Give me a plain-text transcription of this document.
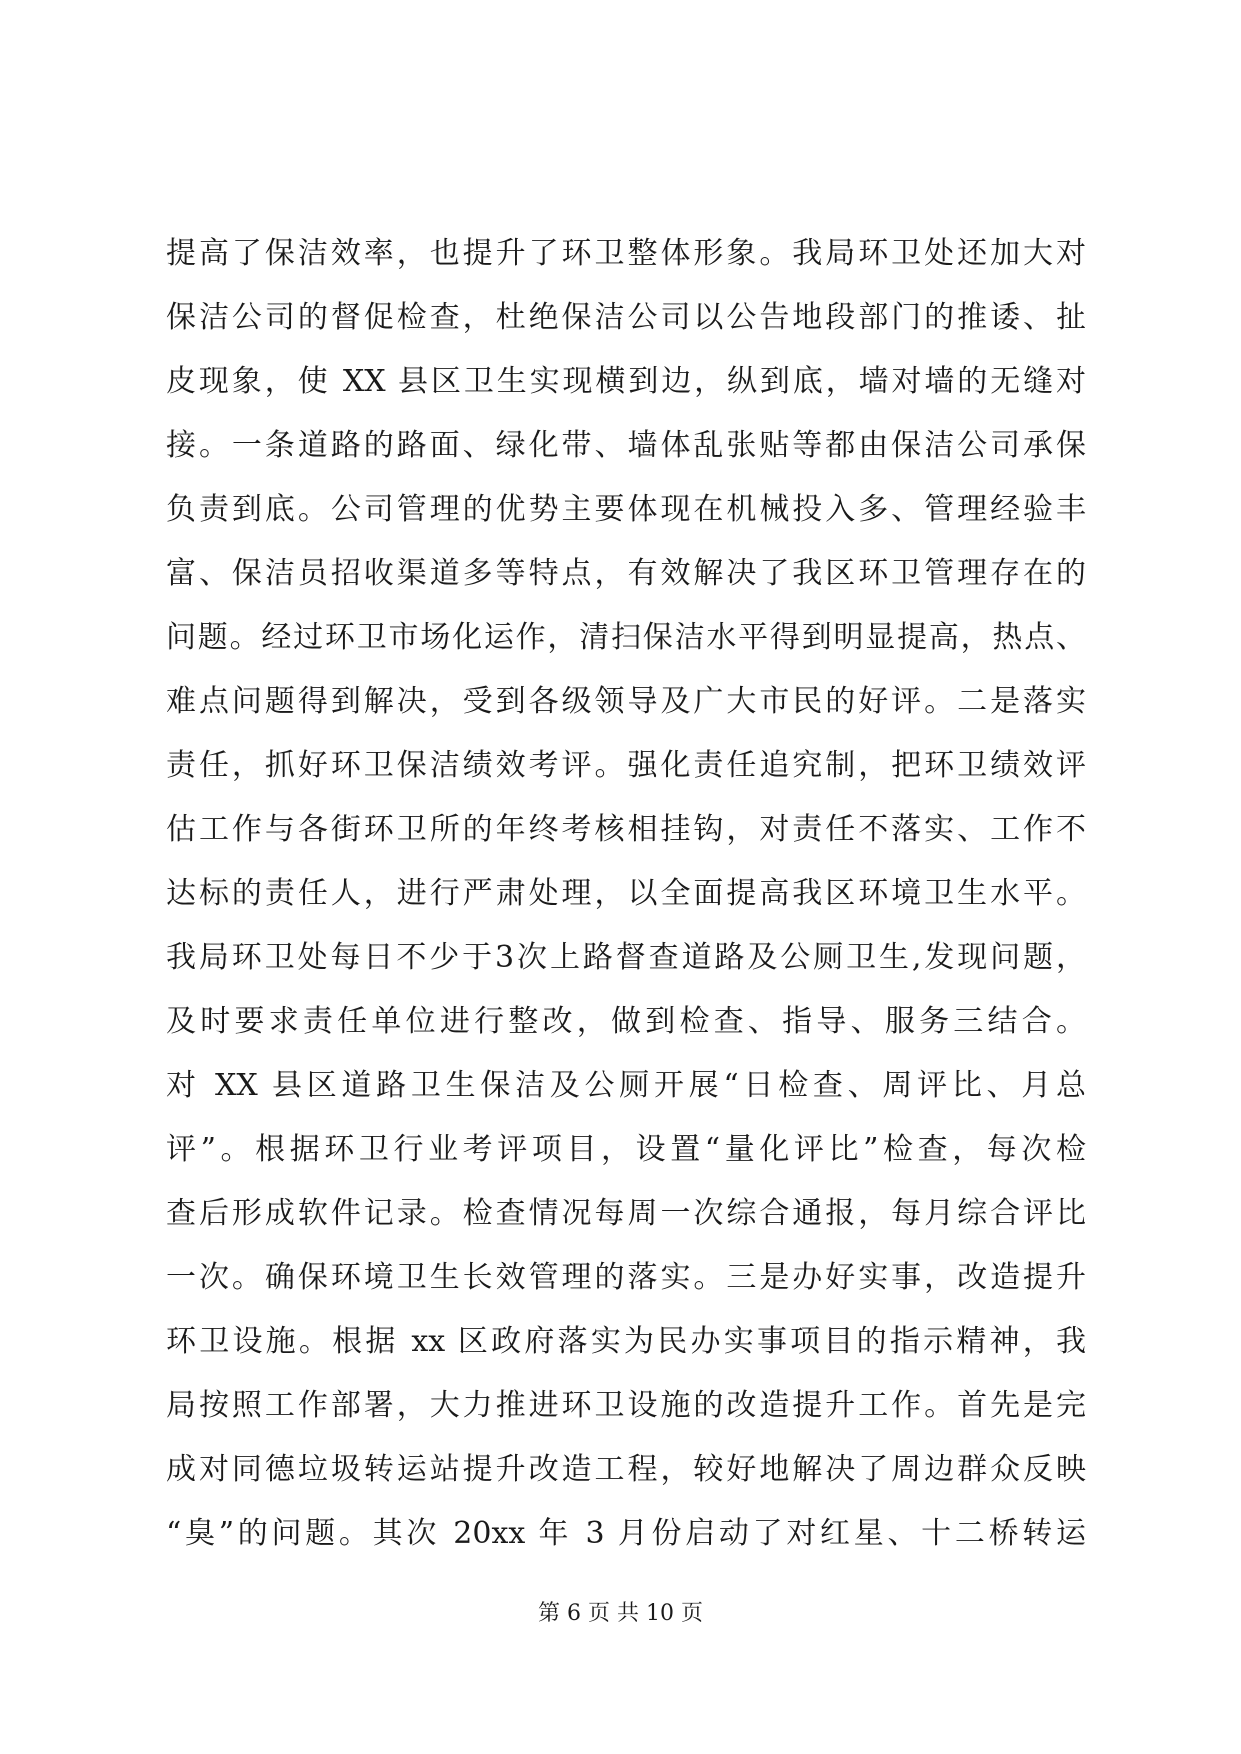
提高了保洁效率，也提升了环卫整体形象。我局环卫处还加大对
保洁公司的督促检查，杜绝保洁公司以公告地段部门的推诿、扯
皮现象，使 XX 县区卫生实现横到边，纵到底，墙对墙的无缝对
接。一条道路的路面、绿化带、墙体乱张贴等都由保洁公司承保
负责到底。公司管理的优势主要体现在机械投入多、管理经验丰
富、保洁员招收渠道多等特点，有效解决了我区环卫管理存在的
问题。经过环卫市场化运作，清扫保洁水平得到明显提高，热点、
难点问题得到解决，受到各级领导及广大市民的好评。二是落实
责任，抓好环卫保洁绩效考评。强化责任追究制，把环卫绩效评
估工作与各街环卫所的年终考核相挂钩，对责任不落实、工作不
达标的责任人，进行严肃处理，以全面提高我区环境卫生水平。
我局环卫处每日不少于3次上路督查道路及公厕卫生,发现问题，
及时要求责任单位进行整改，做到检查、指导、服务三结合。
对 XX 县区道路卫生保洁及公厕开展“日检查、周评比、月总
评”。根据环卫行业考评项目，设置“量化评比”检查，每次检
查后形成软件记录。检查情况每周一次综合通报，每月综合评比
一次。确保环境卫生长效管理的落实。三是办好实事，改造提升
环卫设施。根据 xx 区政府落实为民办实事项目的指示精神，我
局按照工作部署，大力推进环卫设施的改造提升工作。首先是完
成对同德垃圾转运站提升改造工程，较好地解决了周边群众反映
“臭”的问题。其次 20xx 年 3 月份启动了对红星、十二桥转运
第 6 页 共 10 页
